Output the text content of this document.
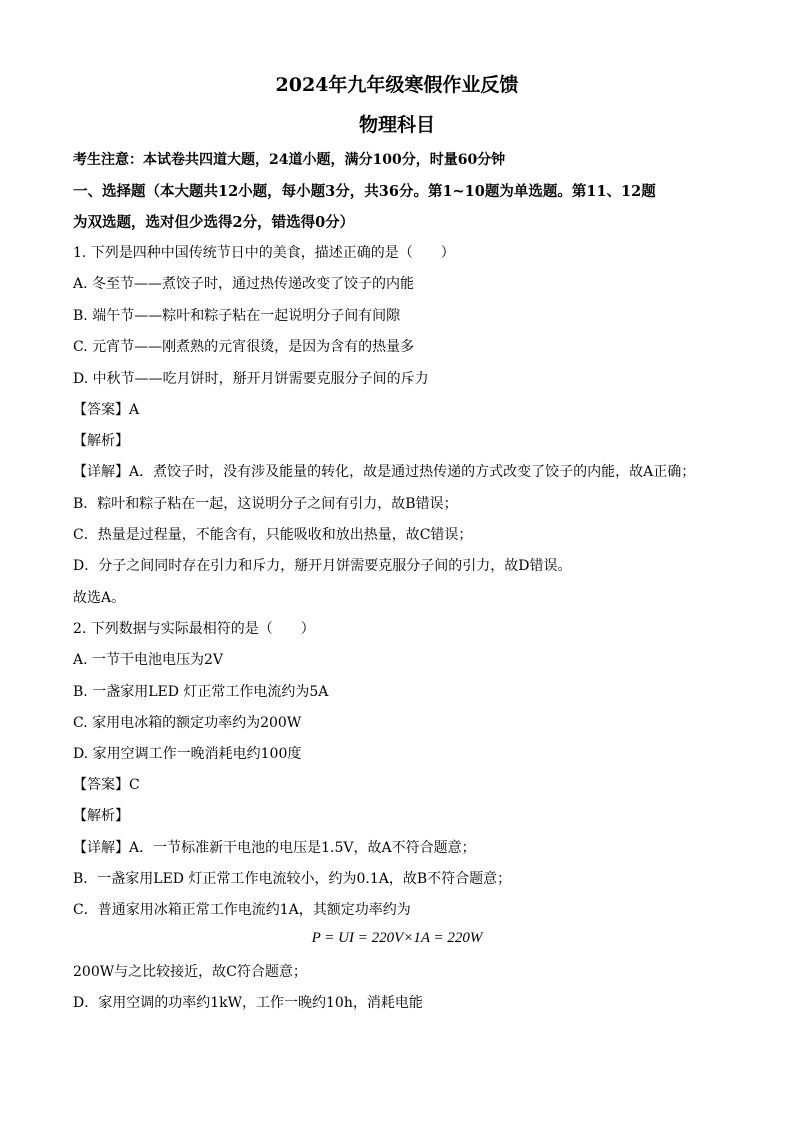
2024年九年级寒假作业反馈
物理科目
考生注意：本试卷共四道大题，24道小题，满分100分，时量60分钟
一、选择题（本大题共12小题，每小题3分，共36分。第1~10题为单选题。第11、12题
为双选题，选对但少选得2分，错选得0分）
1. 下列是四种中国传统节日中的美食，描述正确的是（　　）
A. 冬至节——煮饺子时，通过热传递改变了饺子的内能
B. 端午节——粽叶和粽子粘在一起说明分子间有间隙
C. 元宵节——刚煮熟的元宵很烫，是因为含有的热量多
D. 中秋节——吃月饼时，掰开月饼需要克服分子间的斥力
【答案】A
【解析】
【详解】A．煮饺子时，没有涉及能量的转化，故是通过热传递的方式改变了饺子的内能，故A正确；
B．粽叶和粽子粘在一起，这说明分子之间有引力，故B错误；
C．热量是过程量，不能含有，只能吸收和放出热量，故C错误；
D．分子之间同时存在引力和斥力，掰开月饼需要克服分子间的引力，故D错误。
故选A。
2. 下列数据与实际最相符的是（　　）
A. 一节干电池电压为2V
B. 一盏家用LED 灯正常工作电流约为5A
C. 家用电冰箱的额定功率约为200W
D. 家用空调工作一晚消耗电约100度
【答案】C
【解析】
【详解】A．一节标准新干电池的电压是1.5V，故A不符合题意；
B．一盏家用LED 灯正常工作电流较小，约为0.1A，故B不符合题意；
C．普通家用冰箱正常工作电流约1A，其额定功率约为
P = UI = 220V×1A = 220W
200W与之比较接近，故C符合题意；
D．家用空调的功率约1kW，工作一晚约10h，消耗电能
